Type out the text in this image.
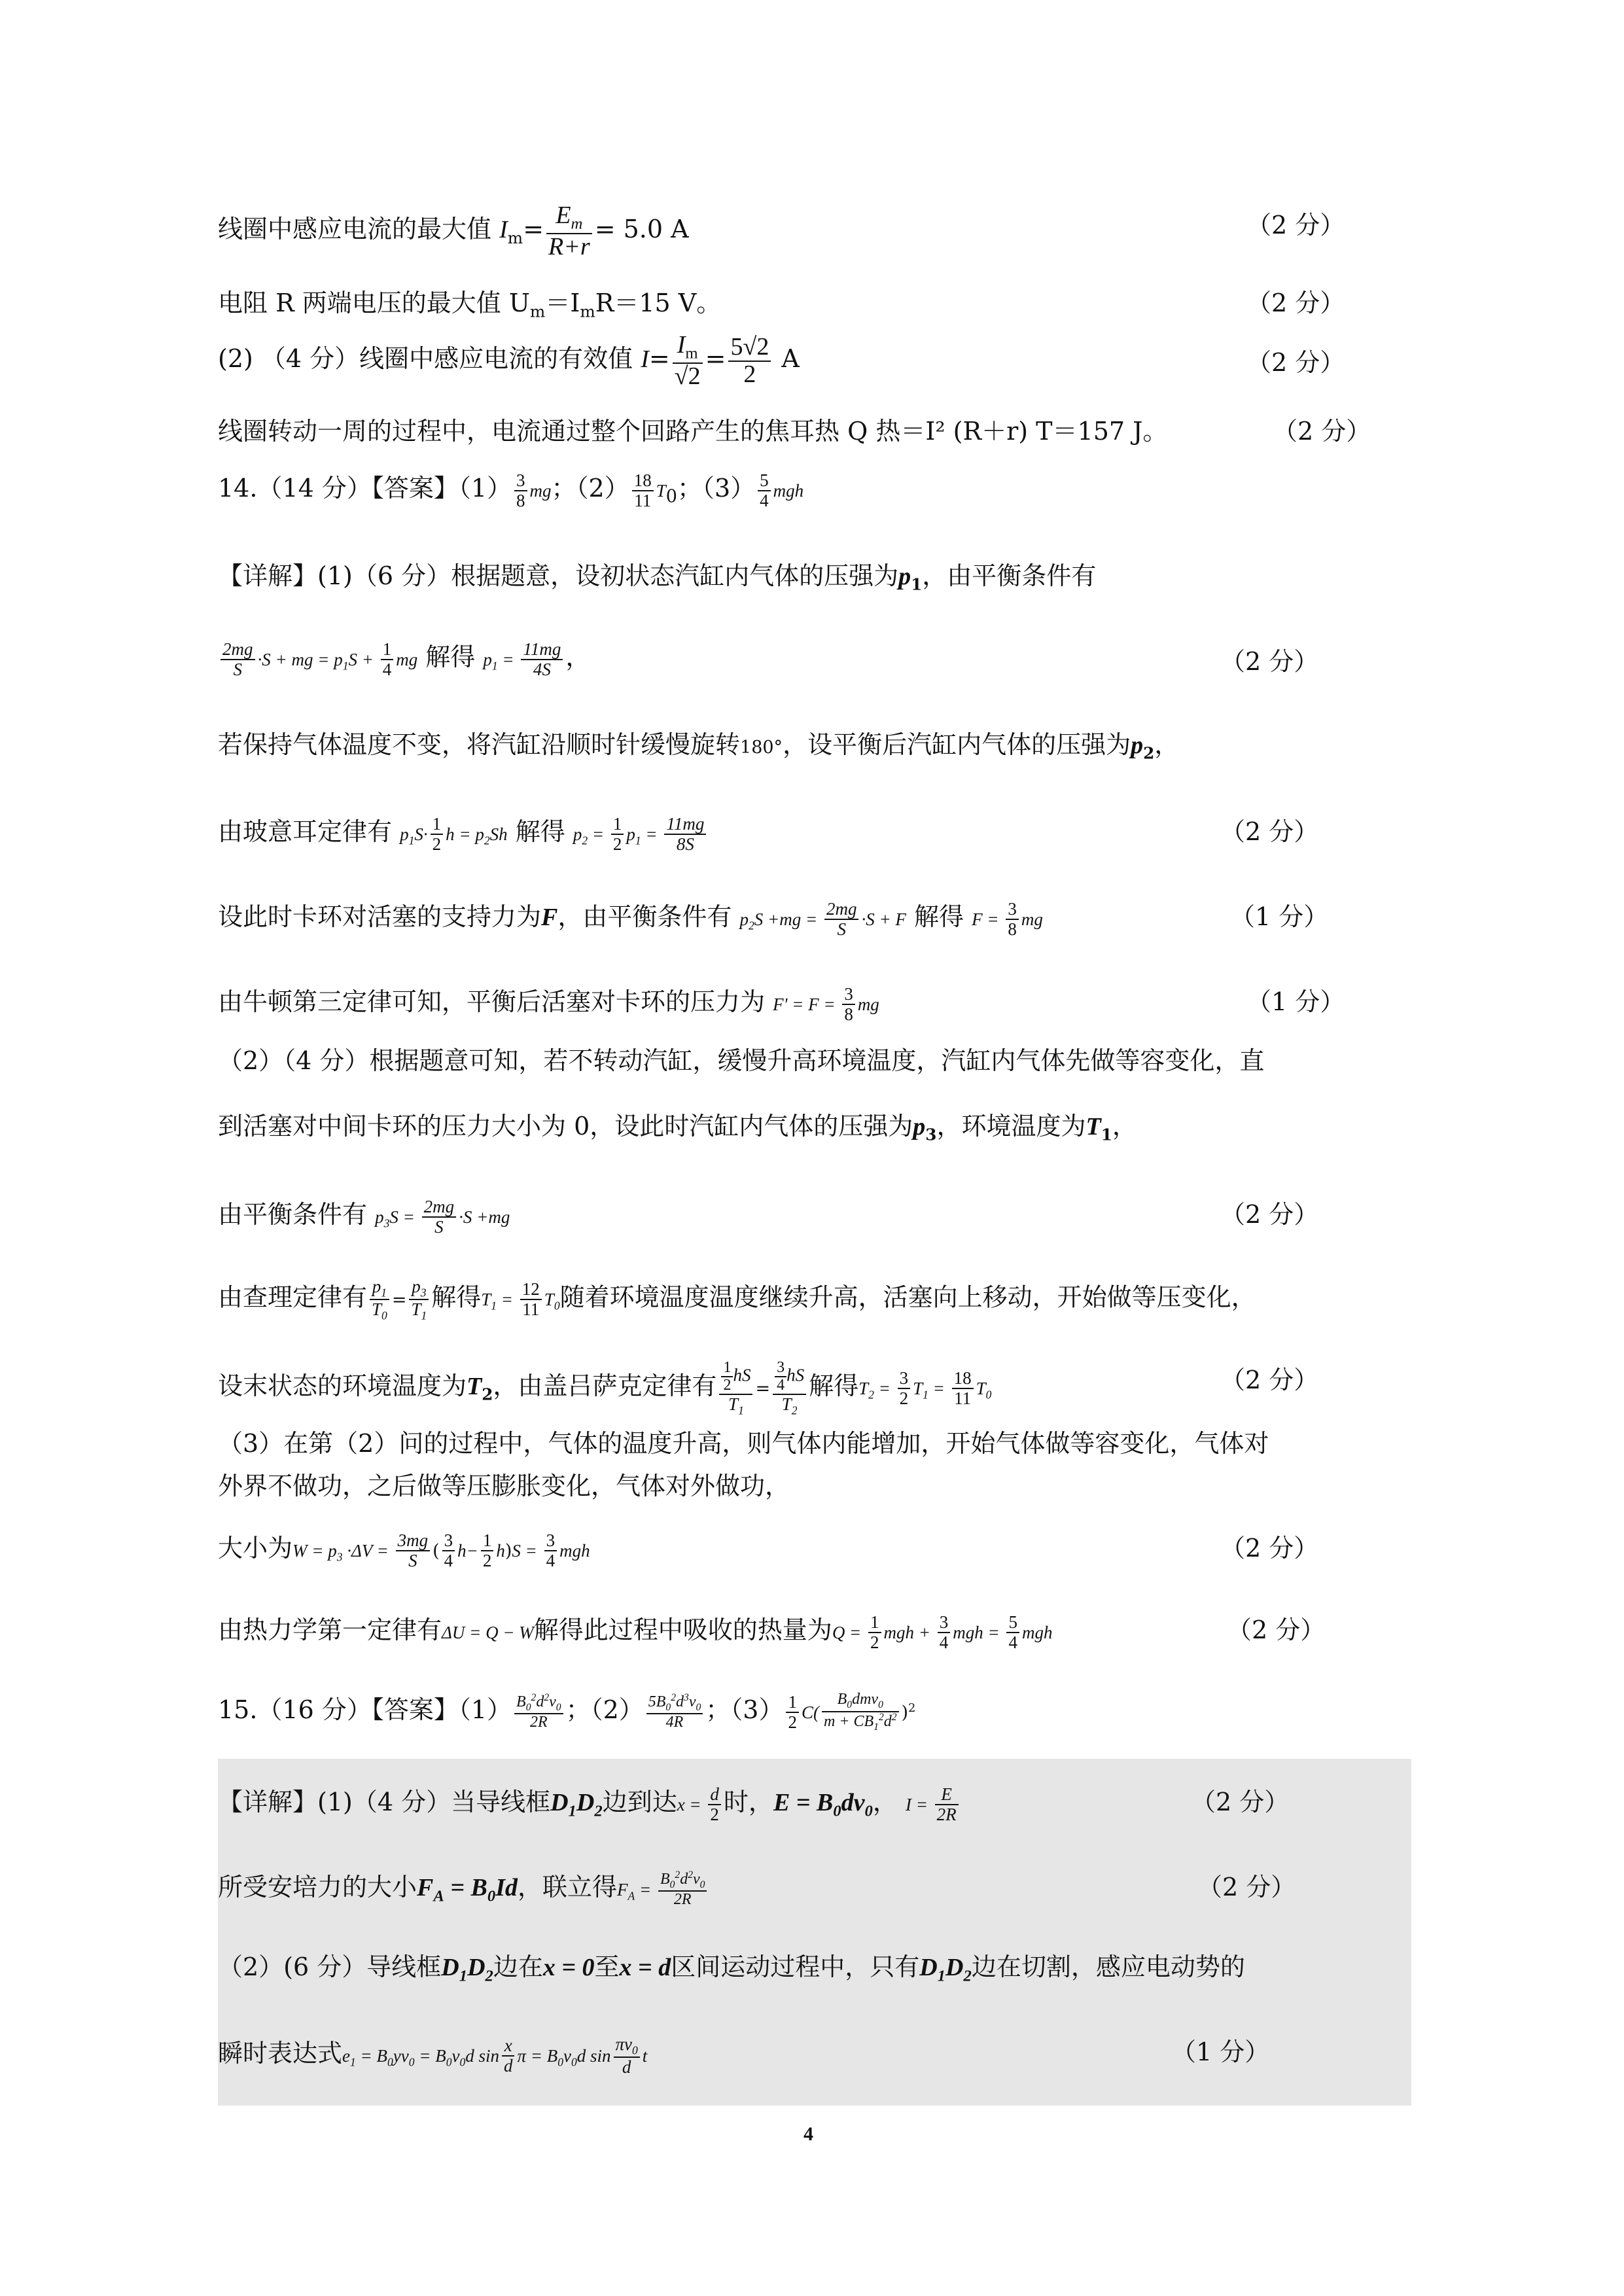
线圈中感应电流的最大值 $I_m= \frac{E_m}{R+r} = 5.0$ A	（2 分）
电阻 R 两端电压的最大值 $U_m=I_mR=15$ V。	（2 分）
(2) （4 分）线圈中感应电流的有效值 $I= \frac{I_m}{√2} = \frac{5√2}{2}$ A	（2 分）
线圈转动一周的过程中，电流通过整个回路产生的焦耳热 Q 热＝I² (R＋r) T＝157 J。	（2 分）
14.（14 分）【答案】$(1) \frac{3}{8}$ mg；$(2) \frac{18}{11} T_0$；$(3) \frac{5}{4}$ mgh
【详解】(1)（6 分）根据题意，设初状态汽缸内气体的压强为$p_1$，由平衡条件有
$\frac{2mg}{S} \cdot S$ + mg = $p_1S + \frac{1}{4}$ mg 解得 $p_1 = \frac{11mg}{4S}$ ，	（2 分）
若保持气体温度不变，将汽缸沿顺时针缓慢旋转180°，设平衡后汽缸内气体的压强为$p_2$，
由玻意耳定律有 $p_1S\cdot \frac{1}{2}$ $h = p_2Sh$ 解得 $p_2 = \frac{1}{2} p_1 = \frac{11mg}{8S}$	（2 分）
设此时卡环对活塞的支持力为F，由平衡条件有 $p_2S +mg = \frac{2mg}{S} \cdot S + F$ 解得 $F = \frac{3}{8}$ mg	（1 分）
由牛顿第三定律可知，平衡后活塞对卡环的压力为 $F' = F = \frac{3}{8}$ mg	（1 分）
（2）（4 分）根据题意可知，若不转动汽缸，缓慢升高环境温度，汽缸内气体先做等容变化，直
到活塞对中间卡环的压力大小为 0，设此时汽缸内气体的压强为$p_3$，环境温度为$T_1$，
由平衡条件有 $p_3S = \frac{2mg}{S} \cdot S +mg$	（2 分）
由查理定律有 $\frac{p_1}{T_0} = \frac{p_3}{T_1}$ 解得$T_1 = \frac{12}{11} T_0$随着环境温度温度继续升高，活塞向上移动，开始做等压变化，
设末状态的环境温度为$T_2$，由盖吕萨克定律有 $\frac{\frac{1}{2} hS}{T_1} = \frac{\frac{3}{4} hS}{T_2}$ 解得$T_2 = \frac{3}{2} T_1 = \frac{18}{11} T_0$
（2 分）
（3）在第（2）问的过程中，气体的温度升高，则气体内能增加，开始气体做等容变化，气体对
外界不做功，之后做等压膨胀变化，气体对外做功，
大小为$W = p_3 \cdot\Delta V = \frac{3mg}{S}$ ( $\frac{3}{4} h- \frac{1}{2} h)S = \frac{3}{4}$ mgh	（2 分）
由热力学第一定律有ΔU = Q − W解得此过程中吸收的热量为$Q = \frac{1}{2}$ mgh + $\frac{3}{4}$ mgh = $\frac{5}{4}$ mgh	（2 分）
15.（16 分）【答案】$(1) \frac{B_0^2d^2v_0}{2R}$ ；$(2) \frac{5B_0^2d^3v_0}{4R}$ ；$(3) \frac{1}{2} C( \frac{B_0dmv_0}{m + CB_1^2d^2} )^2$
【详解】(1)（4 分）当导线框$D_1D_2$边到达$x = \frac{d}{2}$ 时，$E = B_0dv_0$， $I = \frac{E}{2R}$	（2 分）
所受安培力的大小$F_A = B_0Id$，联立得$F_A = \frac{B_0^2d^2v_0}{2R}$	（2 分）
（2）(6 分）导线框$D_1D_2$边在x = 0至x = d区间运动过程中，只有$D_1D_2$边在切割，感应电动势的
瞬时表达式$e_1 = B_0yv_0 = B_0v_0d$ $\sin \frac{x}{d}$ $\pi = B_0v_0d$ $\sin \frac{\pi v_0}{d}$ t	（1 分）
4
